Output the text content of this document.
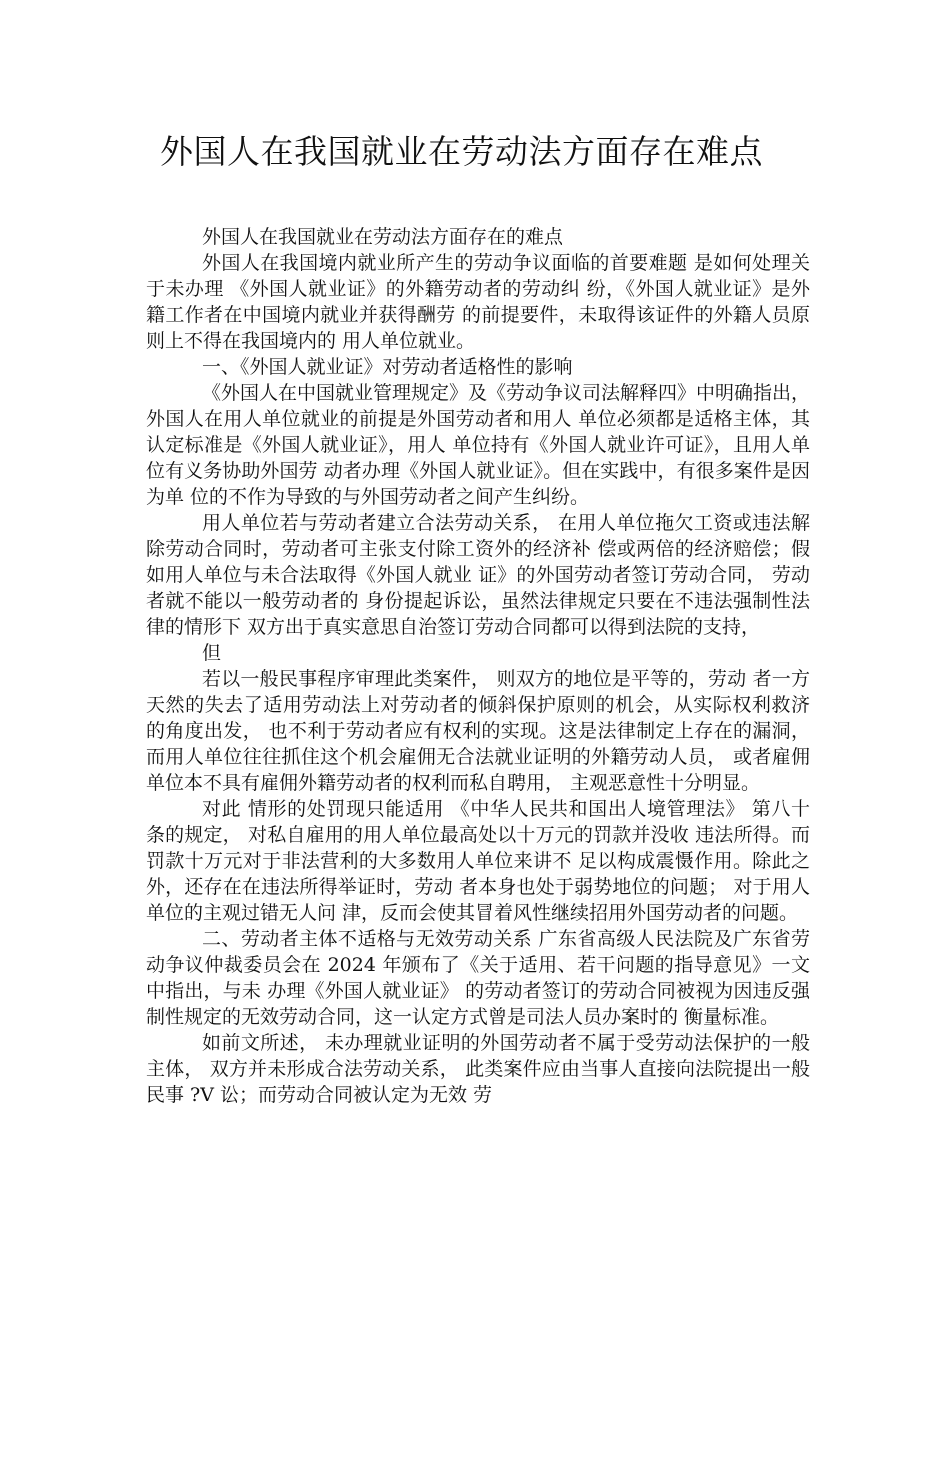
外国人在我国就业在劳动法方面存在难点

外国人在我国就业在劳动法方面存在的难点

外国人在我国境内就业所产生的劳动争议面临的首要难题 是如何处理关于未办理 《外国人就业证》的外籍劳动者的劳动纠 纷，《外国人就业证》是外籍工作者在中国境内就业并获得酬劳 的前提要件，未取得该证件的外籍人员原则上不得在我国境内的 用人单位就业。

一、《外国人就业证》对劳动者适格性的影响

《外国人在中国就业管理规定》及《劳动争议司法解释四》中明确指出，外国人在用人单位就业的前提是外国劳动者和用人 单位必须都是适格主体，其认定标准是《外国人就业证》，用人 单位持有《外国人就业许可证》，且用人单位有义务协助外国劳 动者办理《外国人就业证》。但在实践中，有很多案件是因为单 位的不作为导致的与外国劳动者之间产生纠纷。

用人单位若与劳动者建立合法劳动关系， 在用人单位拖欠工资或违法解除劳动合同时，劳动者可主张支付除工资外的经济补 偿或两倍的经济赔偿；假如用人单位与未合法取得《外国人就业 证》的外国劳动者签订劳动合同， 劳动者就不能以一般劳动者的 身份提起诉讼，虽然法律规定只要在不违法强制性法律的情形下 双方出于真实意思自治签订劳动合同都可以得到法院的支持，

但

若以一般民事程序审理此类案件， 则双方的地位是平等的，劳动 者一方天然的失去了适用劳动法上对劳动者的倾斜保护原则的机会，从实际权利救济的角度出发， 也不利于劳动者应有权利的实现。这是法律制定上存在的漏洞， 而用人单位往往抓住这个机会雇佣无合法就业证明的外籍劳动人员， 或者雇佣单位本不具有雇佣外籍劳动者的权利而私自聘用， 主观恶意性十分明显。

对此 情形的处罚现只能适用 《中华人民共和国出人境管理法》 第八十 条的规定， 对私自雇用的用人单位最高处以十万元的罚款并没收 违法所得。而罚款十万元对于非法营利的大多数用人单位来讲不 足以构成震慑作用。除此之外，还存在在违法所得举证时，劳动 者本身也处于弱势地位的问题； 对于用人单位的主观过错无人问 津，反而会使其冒着风性继续招用外国劳动者的问题。

二、劳动者主体不适格与无效劳动关系 广东省高级人民法院及广东省劳动争议仲裁委员会在 2024 年颁布了《关于适用、若干问题的指导意见》一文中指出，与未 办理《外国人就业证》 的劳动者签订的劳动合同被视为因违反强 制性规定的无效劳动合同，这一认定方式曾是司法人员办案时的 衡量标准。

如前文所述， 未办理就业证明的外国劳动者不属于受劳动法保护的一般主体， 双方并未形成合法劳动关系， 此类案件应由当事人直接向法院提出一般民事 ?V 讼；而劳动合同被认定为无效 劳
